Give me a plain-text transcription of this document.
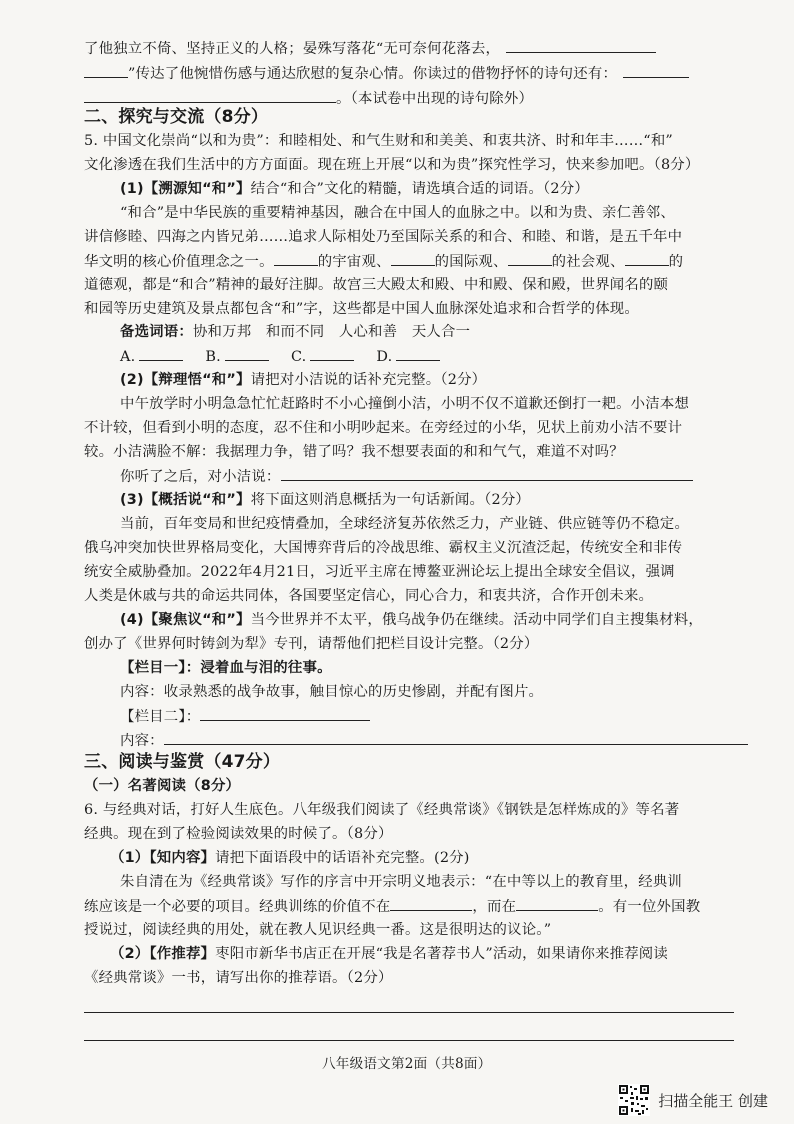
了他独立不倚、坚持正义的人格；晏殊写落花“无可奈何花落去，
”传达了他惋惜伤感与通达欣慰的复杂心情。你读过的借物抒怀的诗句还有：
。（本试卷中出现的诗句除外）
二、探究与交流（8分）
5. 中国文化崇尚“以和为贵”：和睦相处、和气生财和和美美、和衷共济、时和年丰……“和”
文化渗透在我们生活中的方方面面。现在班上开展“以和为贵”探究性学习，快来参加吧。（8分）
(1)【溯源知“和”】结合“和合”文化的精髓，请选填合适的词语。（2分）
“和合”是中华民族的重要精神基因，融合在中国人的血脉之中。以和为贵、亲仁善邻、
讲信修睦、四海之内皆兄弟……追求人际相处乃至国际关系的和合、和睦、和谐，是五千年中
华文明的核心价值理念之一。	的宇宙观、	的国际观、	的社会观、	的
道德观，都是“和合”精神的最好注脚。故宫三大殿太和殿、中和殿、保和殿，世界闻名的颐
和园等历史建筑及景点都包含“和”字，这些都是中国人血脉深处追求和合哲学的体现。
备选词语：协和万邦　和而不同　人心和善　天人合一
A.	B.	C.	D.
(2)【辩理悟“和”】请把对小洁说的话补充完整。（2分）
中午放学时小明急急忙忙赶路时不小心撞倒小洁，小明不仅不道歉还倒打一耙。小洁本想
不计较，但看到小明的态度，忍不住和小明吵起来。在旁经过的小华，见状上前劝小洁不要计
较。小洁满脸不解：我据理力争，错了吗？我不想要表面的和和气气，难道不对吗？
你听了之后，对小洁说：
(3)【概括说“和”】将下面这则消息概括为一句话新闻。（2分）
当前，百年变局和世纪疫情叠加，全球经济复苏依然乏力，产业链、供应链等仍不稳定。
俄乌冲突加快世界格局变化，大国博弈背后的冷战思维、霸权主义沉渣泛起，传统安全和非传
统安全威胁叠加。2022年4月21日，习近平主席在博鳌亚洲论坛上提出全球安全倡议，强调
人类是休戚与共的命运共同体，各国要坚定信心，同心合力，和衷共济，合作开创未来。
(4)【聚焦议“和”】当今世界并不太平，俄乌战争仍在继续。活动中同学们自主搜集材料，
创办了《世界何时铸剑为犁》专刊，请帮他们把栏目设计完整。（2分）
【栏目一】：浸着血与泪的往事。
内容：收录熟悉的战争故事，触目惊心的历史惨剧，并配有图片。
【栏目二】：
内容：
三、阅读与鉴赏（47分）
（一）名著阅读（8分）
6. 与经典对话，打好人生底色。八年级我们阅读了《经典常谈》《钢铁是怎样炼成的》等名著
经典。现在到了检验阅读效果的时候了。（8分）
（1）【知内容】请把下面语段中的话语补充完整。(2分)
朱自清在为《经典常谈》写作的序言中开宗明义地表示：“在中等以上的教育里，经典训
练应该是一个必要的项目。经典训练的价值不在	，而在	。有一位外国教
授说过，阅读经典的用处，就在教人见识经典一番。这是很明达的议论。”
（2）【作推荐】枣阳市新华书店正在开展“我是名著荐书人”活动，如果请你来推荐阅读
《经典常谈》一书，请写出你的推荐语。（2分）
八年级语文第2面（共8面）
扫描全能王 创建
